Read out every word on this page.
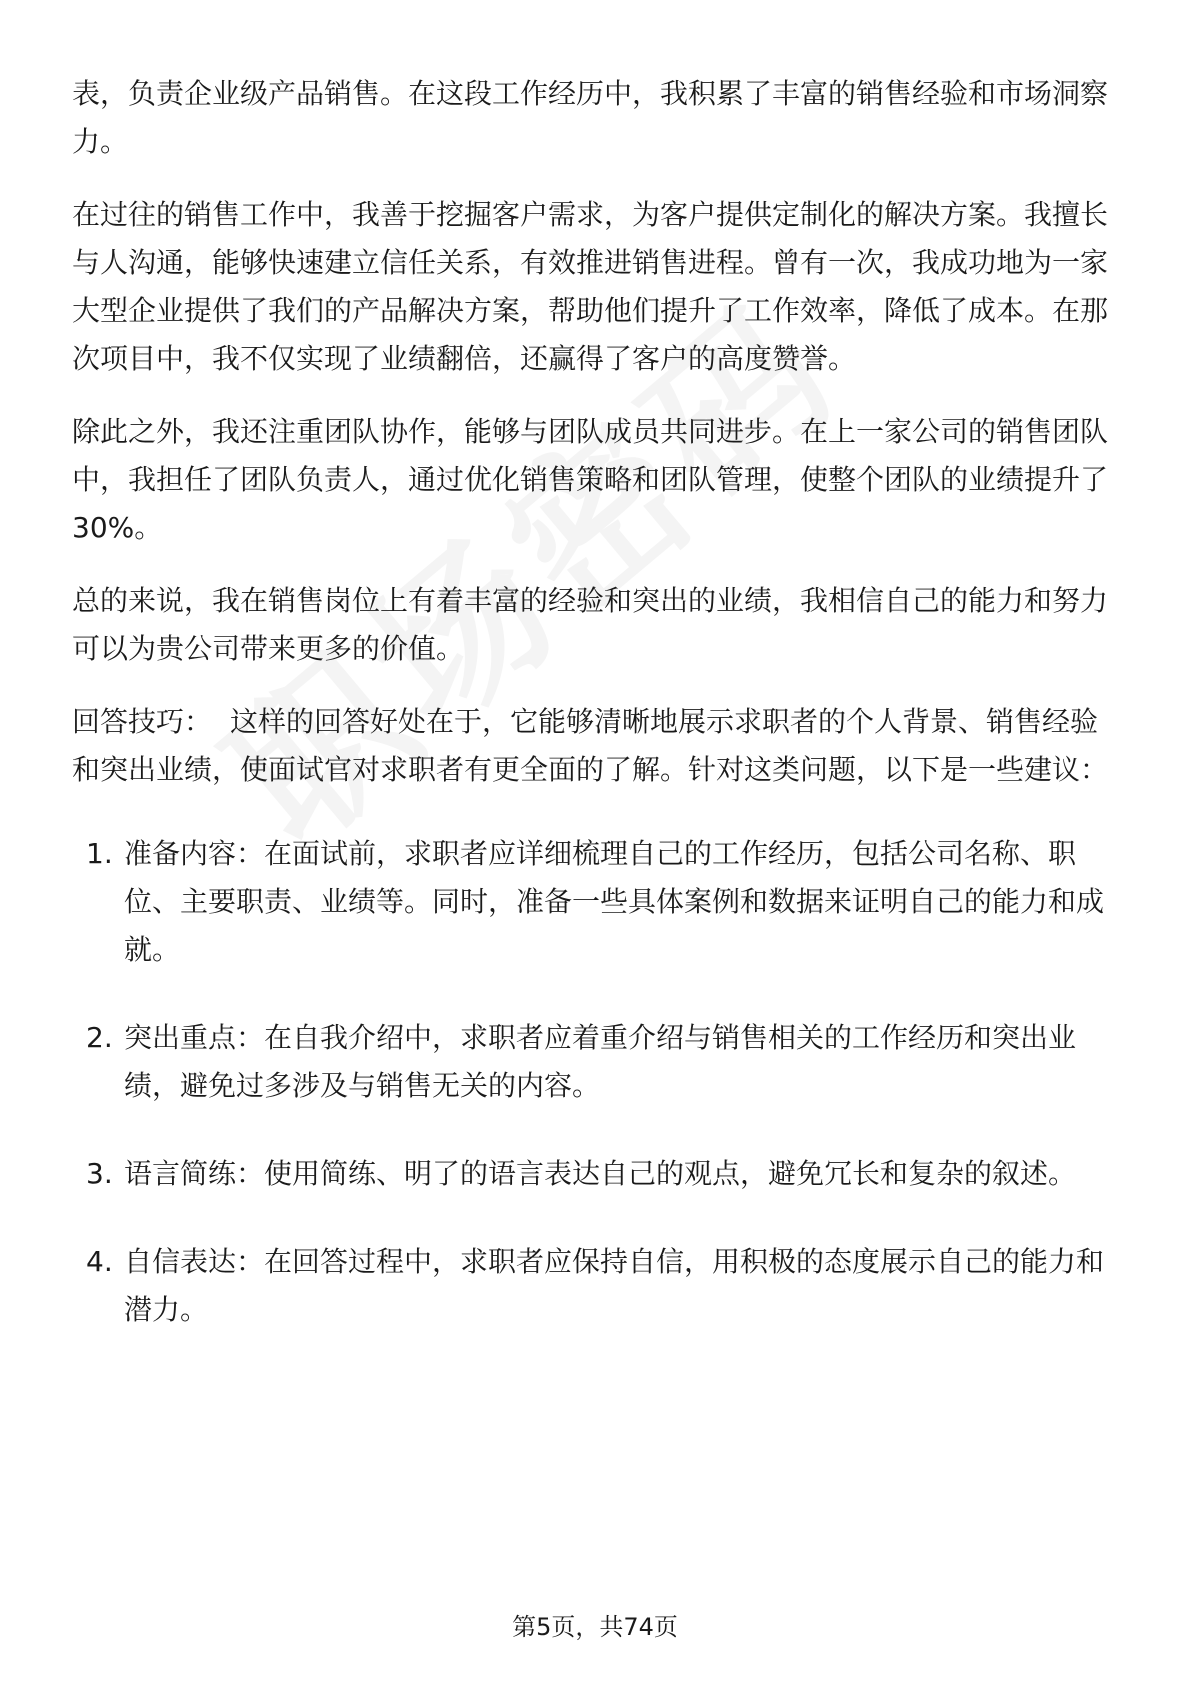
表，负责企业级产品销售。在这段工作经历中，我积累了丰富的销售经验和市场洞察力。

在过往的销售工作中，我善于挖掘客户需求，为客户提供定制化的解决方案。我擅长与人沟通，能够快速建立信任关系，有效推进销售进程。曾有一次，我成功地为一家大型企业提供了我们的产品解决方案，帮助他们提升了工作效率，降低了成本。在那次项目中，我不仅实现了业绩翻倍，还赢得了客户的高度赞誉。

除此之外，我还注重团队协作，能够与团队成员共同进步。在上一家公司的销售团队中，我担任了团队负责人，通过优化销售策略和团队管理，使整个团队的业绩提升了30%。

总的来说，我在销售岗位上有着丰富的经验和突出的业绩，我相信自己的能力和努力可以为贵公司带来更多的价值。

回答技巧： 这样的回答好处在于，它能够清晰地展示求职者的个人背景、销售经验和突出业绩，使面试官对求职者有更全面的了解。针对这类问题，以下是一些建议：

1. 准备内容：在面试前，求职者应详细梳理自己的工作经历，包括公司名称、职位、主要职责、业绩等。同时，准备一些具体案例和数据来证明自己的能力和成就。
2. 突出重点：在自我介绍中，求职者应着重介绍与销售相关的工作经历和突出业绩，避免过多涉及与销售无关的内容。
3. 语言简练：使用简练、明了的语言表达自己的观点，避免冗长和复杂的叙述。
4. 自信表达：在回答过程中，求职者应保持自信，用积极的态度展示自己的能力和潜力。
第5页，共74页
